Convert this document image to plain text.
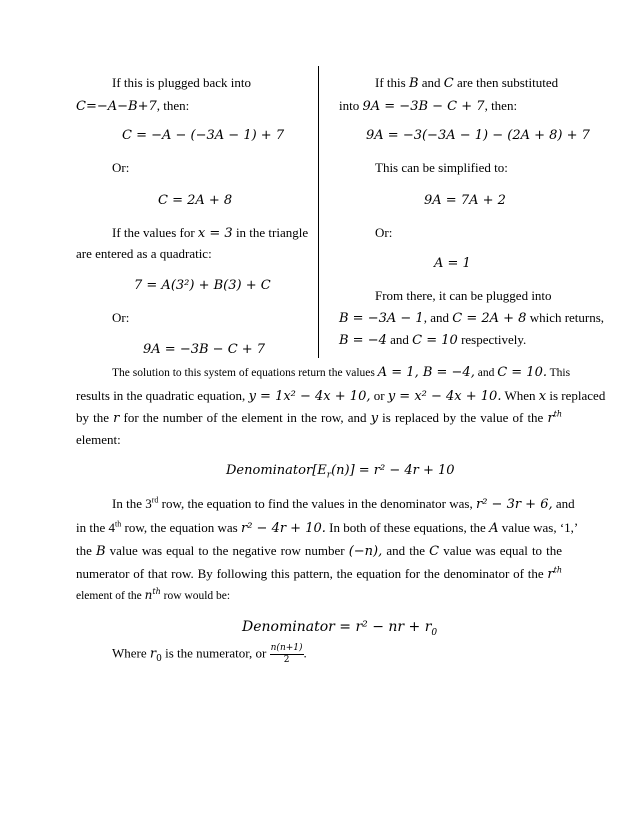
If this is plugged back into
C=−A−B+7, then:
C = −A − (−3A − 1) + 7
Or:
C = 2A + 8
If the values for x = 3 in the triangle
are entered as a quadratic:
7 = A(3²) + B(3) + C
Or:
9A = −3B − C + 7
If this B and C are then substituted
into 9A = −3B − C + 7, then:
9A = −3(−3A − 1) − (2A + 8) + 7
This can be simplified to:
9A = 7A + 2
Or:
A = 1
From there, it can be plugged into
B = −3A − 1, and C = 2A + 8 which returns,
B = −4 and C = 10 respectively.
The solution to this system of equations return the values A = 1, B = −4, and C = 10. This
results in the quadratic equation, y = 1x² − 4x + 10, or y = x² − 4x + 10. When x is replaced
by the r for the number of the element in the row, and y is replaced by the value of the $r^{th}$
element:
$Denominator[E_r(n)] = r^2 - 4r + 10$
In the 3rd row, the equation to find the values in the denominator was, r² − 3r + 6, and
in the 4th row, the equation was r² − 4r + 10. In both of these equations, the A value was, ‘1,’
the B value was equal to the negative row number (−n), and the C value was equal to the
numerator of that row. By following this pattern, the equation for the denominator of the $r^{th}$
element of the $n^{th}$ row would be:
Denominator = r² − nr + $r_0$
Where $r_0$ is the numerator, or $\frac{n(n+1)}{2}$ .
